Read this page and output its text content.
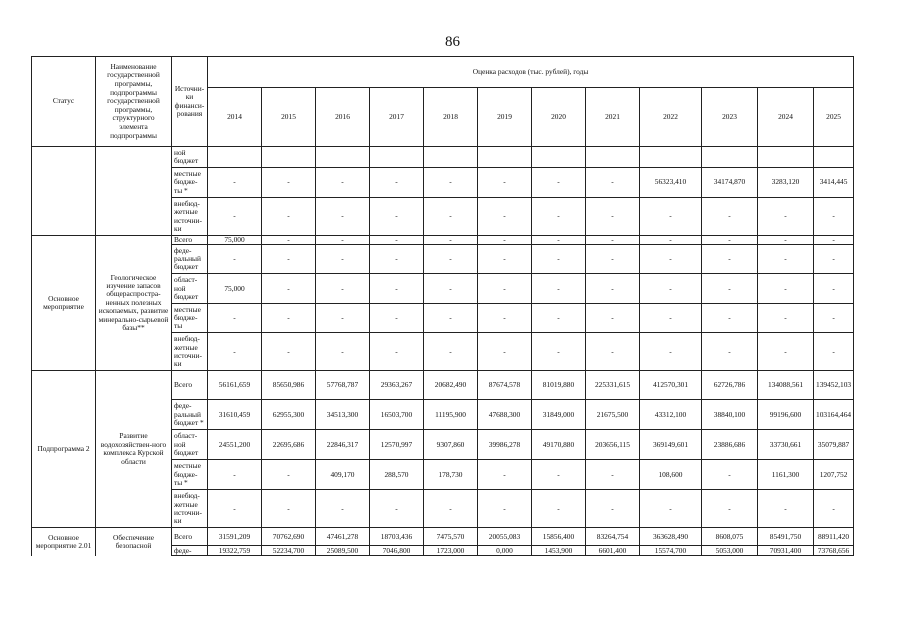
86
Статус	Наименование государственной программы, подпрограммы государственной программы, структурного элемента подпрограммы	Источни-ки финанси-рования	Оценка расходов (тыс. рублей), годы											
			2014	2015	2016	2017	2018	2019	2020	2021	2022	2023	2024	2025
		ной бюджет												
		местные бюдже-ты *	-	-	-	-	-	-	-	-	56323,410	34174,870	3283,120	3414,445
		внебюд-жетные источни-ки	-	-	-	-	-	-	-	-	-	-	-	-
Основное мероприятие	Геологическое изучение запасов общераспростра-ненных полезных ископаемых, развитие минерально-сырьевой базы**	Всего	75,000	-	-	-	-	-	-	-	-	-	-	-
		феде-ральный бюджет	-	-	-	-	-	-	-	-	-	-	-	-
		област-ной бюджет	75,000	-	-	-	-	-	-	-	-	-	-	-
		местные бюдже-ты	-	-	-	-	-	-	-	-	-	-	-	-
		внебюд-жетные источни-ки	-	-	-	-	-	-	-	-	-	-	-	-
Подпрограмма 2	Развитие водохозяйствен-ного комплекса Курской области	Всего	56161,659	85650,986	57768,787	29363,267	20682,490	87674,578	81019,880	225331,615	412570,301	62726,786	134088,561	139452,103
		феде-ральный бюджет *	31610,459	62955,300	34513,300	16503,700	11195,900	47688,300	31849,000	21675,500	43312,100	38840,100	99196,600	103164,464
		област-ной бюджет	24551,200	22695,686	22846,317	12570,997	9307,860	39986,278	49170,880	203656,115	369149,601	23886,686	33730,661	35079,887
		местные бюдже-ты *	-	-	409,170	288,570	178,730	-	-	-	108,600	-	1161,300	1207,752
		внебюд-жетные источни-ки	-	-	-	-	-	-	-	-	-	-	-	-
Основное мероприятие 2.01	Обеспечение безопасной	Всего	31591,209	70762,690	47461,278	18703,436	7475,570	20055,083	15856,400	83264,754	363628,490	8608,075	85491,750	88911,420
		феде-	19322,759	52234,700	25089,500	7046,800	1723,000	0,000	1453,900	6601,400	15574,700	5053,000	70931,400	73768,656
